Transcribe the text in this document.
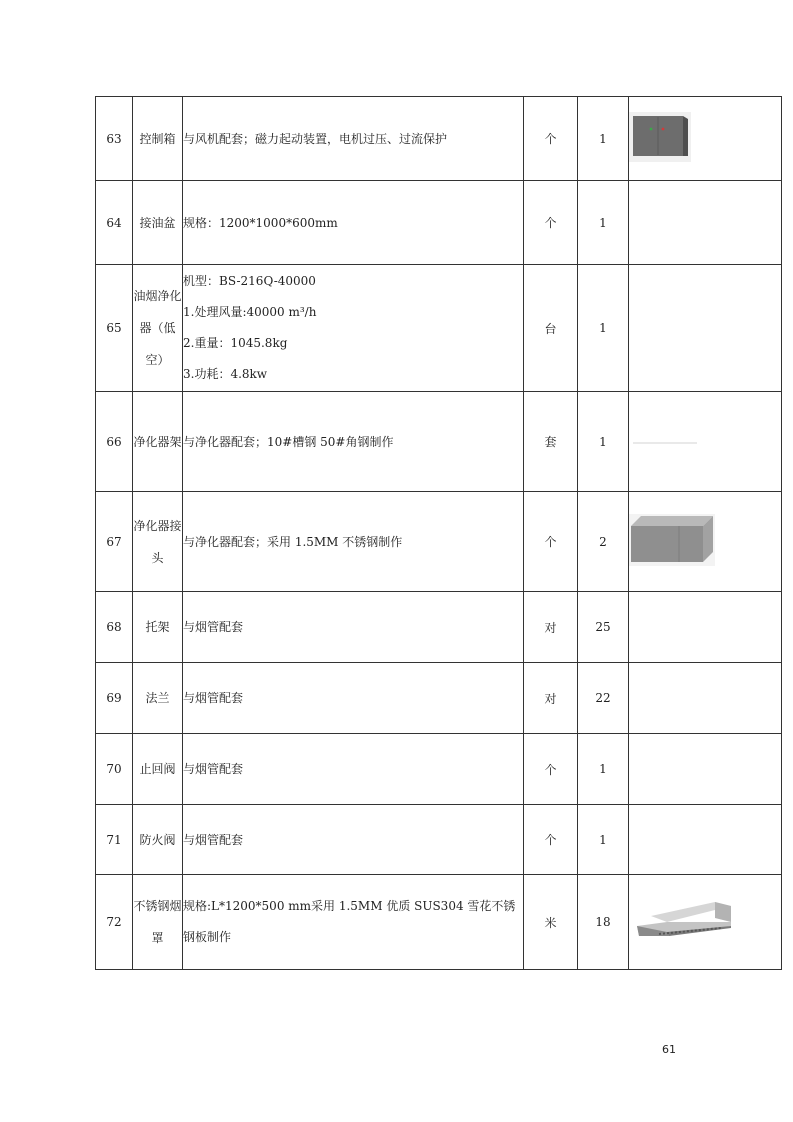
63	控制箱	与风机配套；磁力起动装置，电机过压、过流保护	个	1	
64	接油盆	规格：1200*1000*600mm	个	1	
65	油烟净化器（低空）	机型：BS-216Q-40000
1.处理风量:40000 m³/h
2.重量：1045.8kg
3.功耗：4.8kw	台	1	
66	净化器架	与净化器配套；10#槽钢 50#角钢制作	套	1	
67	净化器接头	与净化器配套；采用 1.5MM 不锈钢制作	个	2	
68	托架	与烟管配套	对	25	
69	法兰	与烟管配套	对	22	
70	止回阀	与烟管配套	个	1	
71	防火阀	与烟管配套	个	1	
72	不锈钢烟罩	规格:L*1200*500 mm采用 1.5MM 优质 SUS304 雪花不锈钢板制作	米	18	
61
